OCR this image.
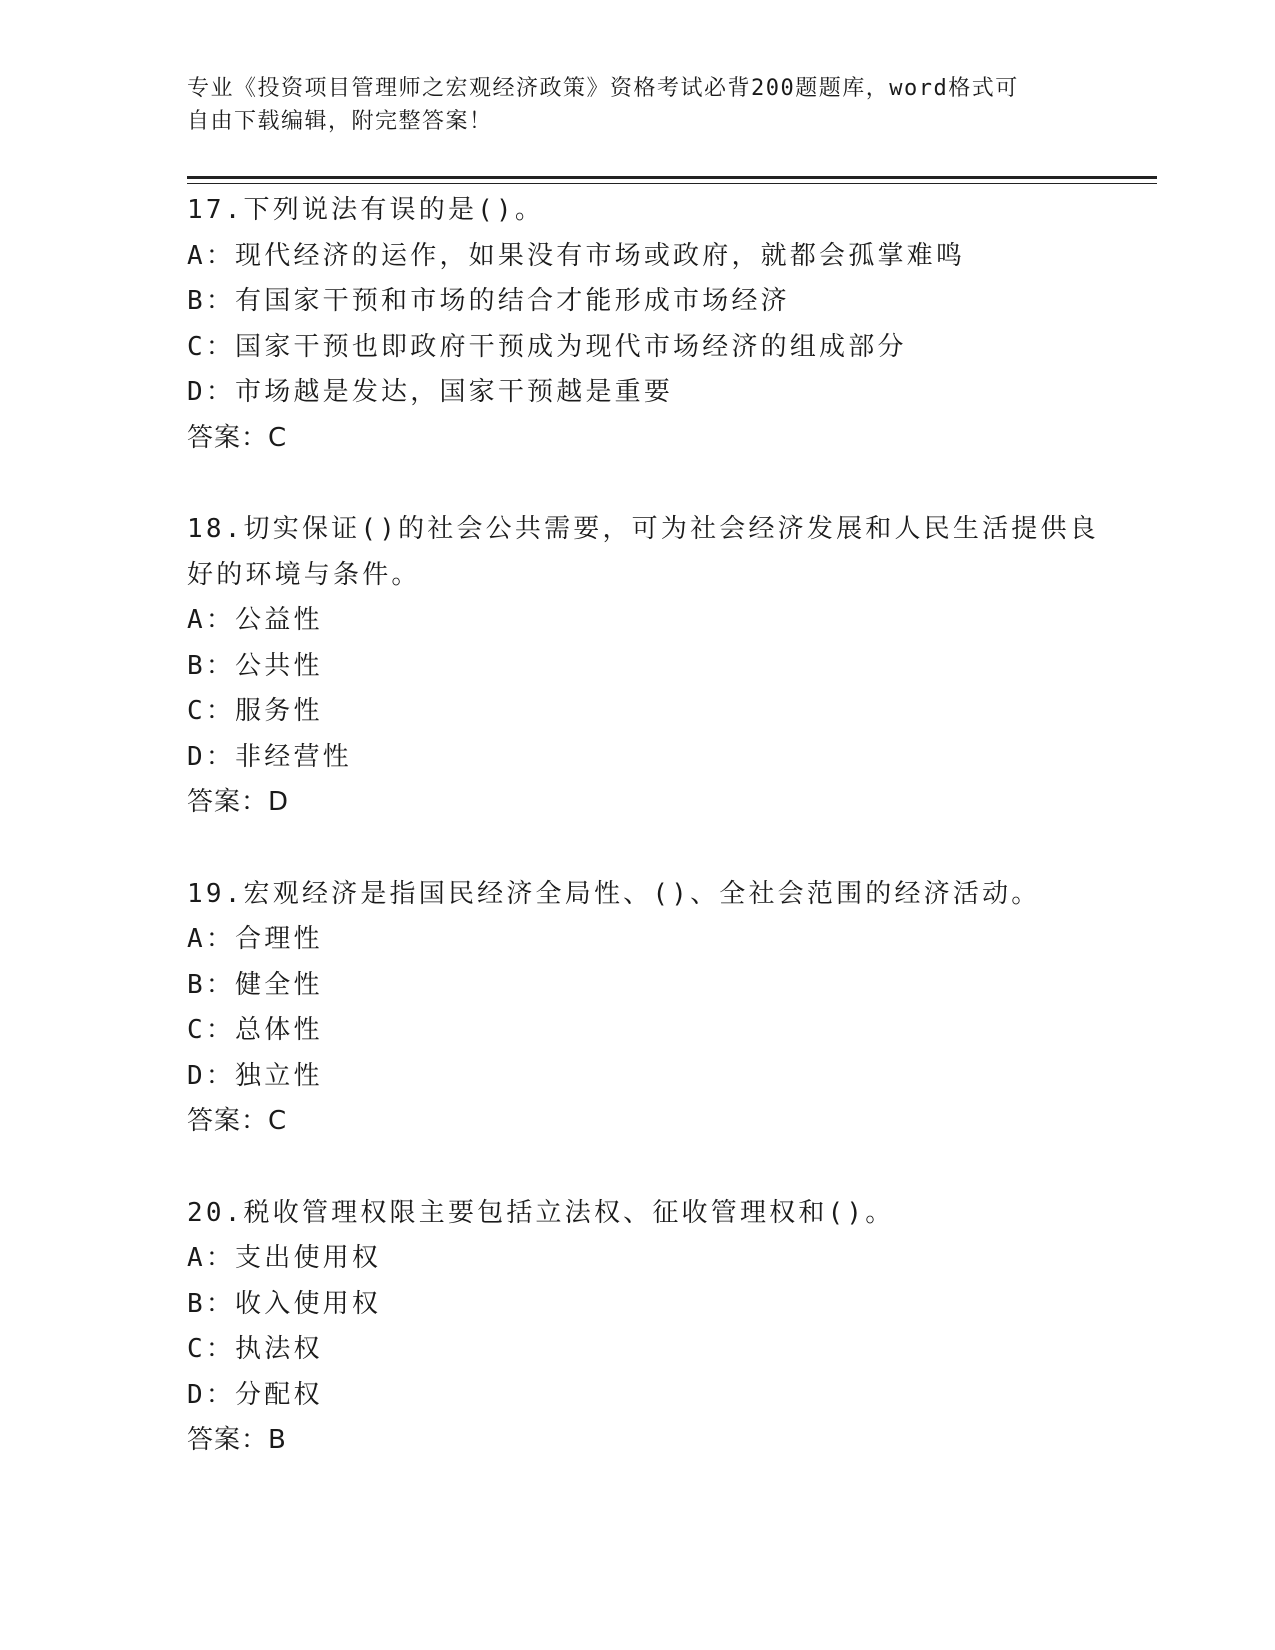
专业《投资项目管理师之宏观经济政策》资格考试必背200题题库，word格式可
自由下载编辑，附完整答案！
17.下列说法有误的是()。
A：现代经济的运作，如果没有市场或政府，就都会孤掌难鸣
B：有国家干预和市场的结合才能形成市场经济
C：国家干预也即政府干预成为现代市场经济的组成部分
D：市场越是发达，国家干预越是重要
答案：C
18.切实保证()的社会公共需要，可为社会经济发展和人民生活提供良
好的环境与条件。
A：公益性
B：公共性
C：服务性
D：非经营性
答案：D
19.宏观经济是指国民经济全局性、()、全社会范围的经济活动。
A：合理性
B：健全性
C：总体性
D：独立性
答案：C
20.税收管理权限主要包括立法权、征收管理权和()。
A：支出使用权
B：收入使用权
C：执法权
D：分配权
答案：B
